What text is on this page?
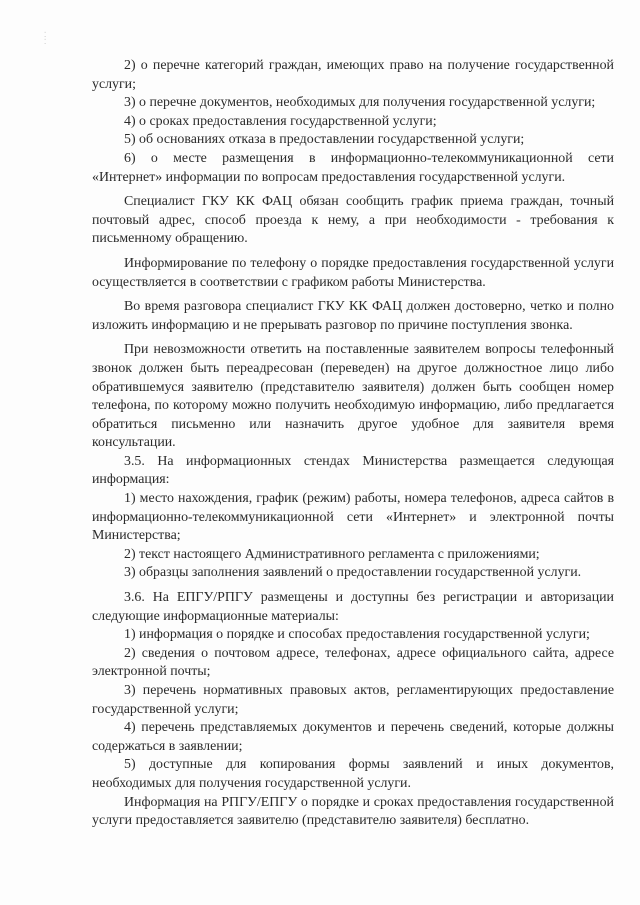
⁚
⁚

2) о перечне категорий граждан, имеющих право на получение государственной услуги;

3) о перечне документов, необходимых для получения государственной услуги;

4) о сроках предоставления государственной услуги;

5) об основаниях отказа в предоставлении государственной услуги;

6) о месте размещения в информационно-телекоммуникационной сети «Интернет» информации по вопросам предоставления государственной услуги.

Специалист ГКУ КК ФАЦ обязан сообщить график приема граждан, точный почтовый адрес, способ проезда к нему, а при необходимости - требования к письменному обращению.

Информирование по телефону о порядке предоставления государственной услуги осуществляется в соответствии с графиком работы Министерства.

Во время разговора специалист ГКУ КК ФАЦ должен достоверно, четко и полно изложить информацию и не прерывать разговор по причине поступления звонка.

При невозможности ответить на поставленные заявителем вопросы телефонный звонок должен быть переадресован (переведен) на другое должностное лицо либо обратившемуся заявителю (представителю заявителя) должен быть сообщен номер телефона, по которому можно получить необходимую информацию, либо предлагается обратиться письменно или назначить другое удобное для заявителя время консультации.

3.5. На информационных стендах Министерства размещается следующая информация:

1) место нахождения, график (режим) работы, номера телефонов, адреса сайтов в информационно-телекоммуникационной сети «Интернет» и электронной почты Министерства;

2) текст настоящего Административного регламента с приложениями;

3) образцы заполнения заявлений о предоставлении государственной услуги.

3.6. На ЕПГУ/РПГУ размещены и доступны без регистрации и авторизации следующие информационные материалы:

1) информация о порядке и способах предоставления государственной услуги;

2) сведения о почтовом адресе, телефонах, адресе официального сайта, адресе электронной почты;

3) перечень нормативных правовых актов, регламентирующих предоставление государственной услуги;

4) перечень представляемых документов и перечень сведений, которые должны содержаться в заявлении;

5) доступные для копирования формы заявлений и иных документов, необходимых для получения государственной услуги.

Информация на РПГУ/ЕПГУ о порядке и сроках предоставления государственной услуги предоставляется заявителю (представителю заявителя) бесплатно.
